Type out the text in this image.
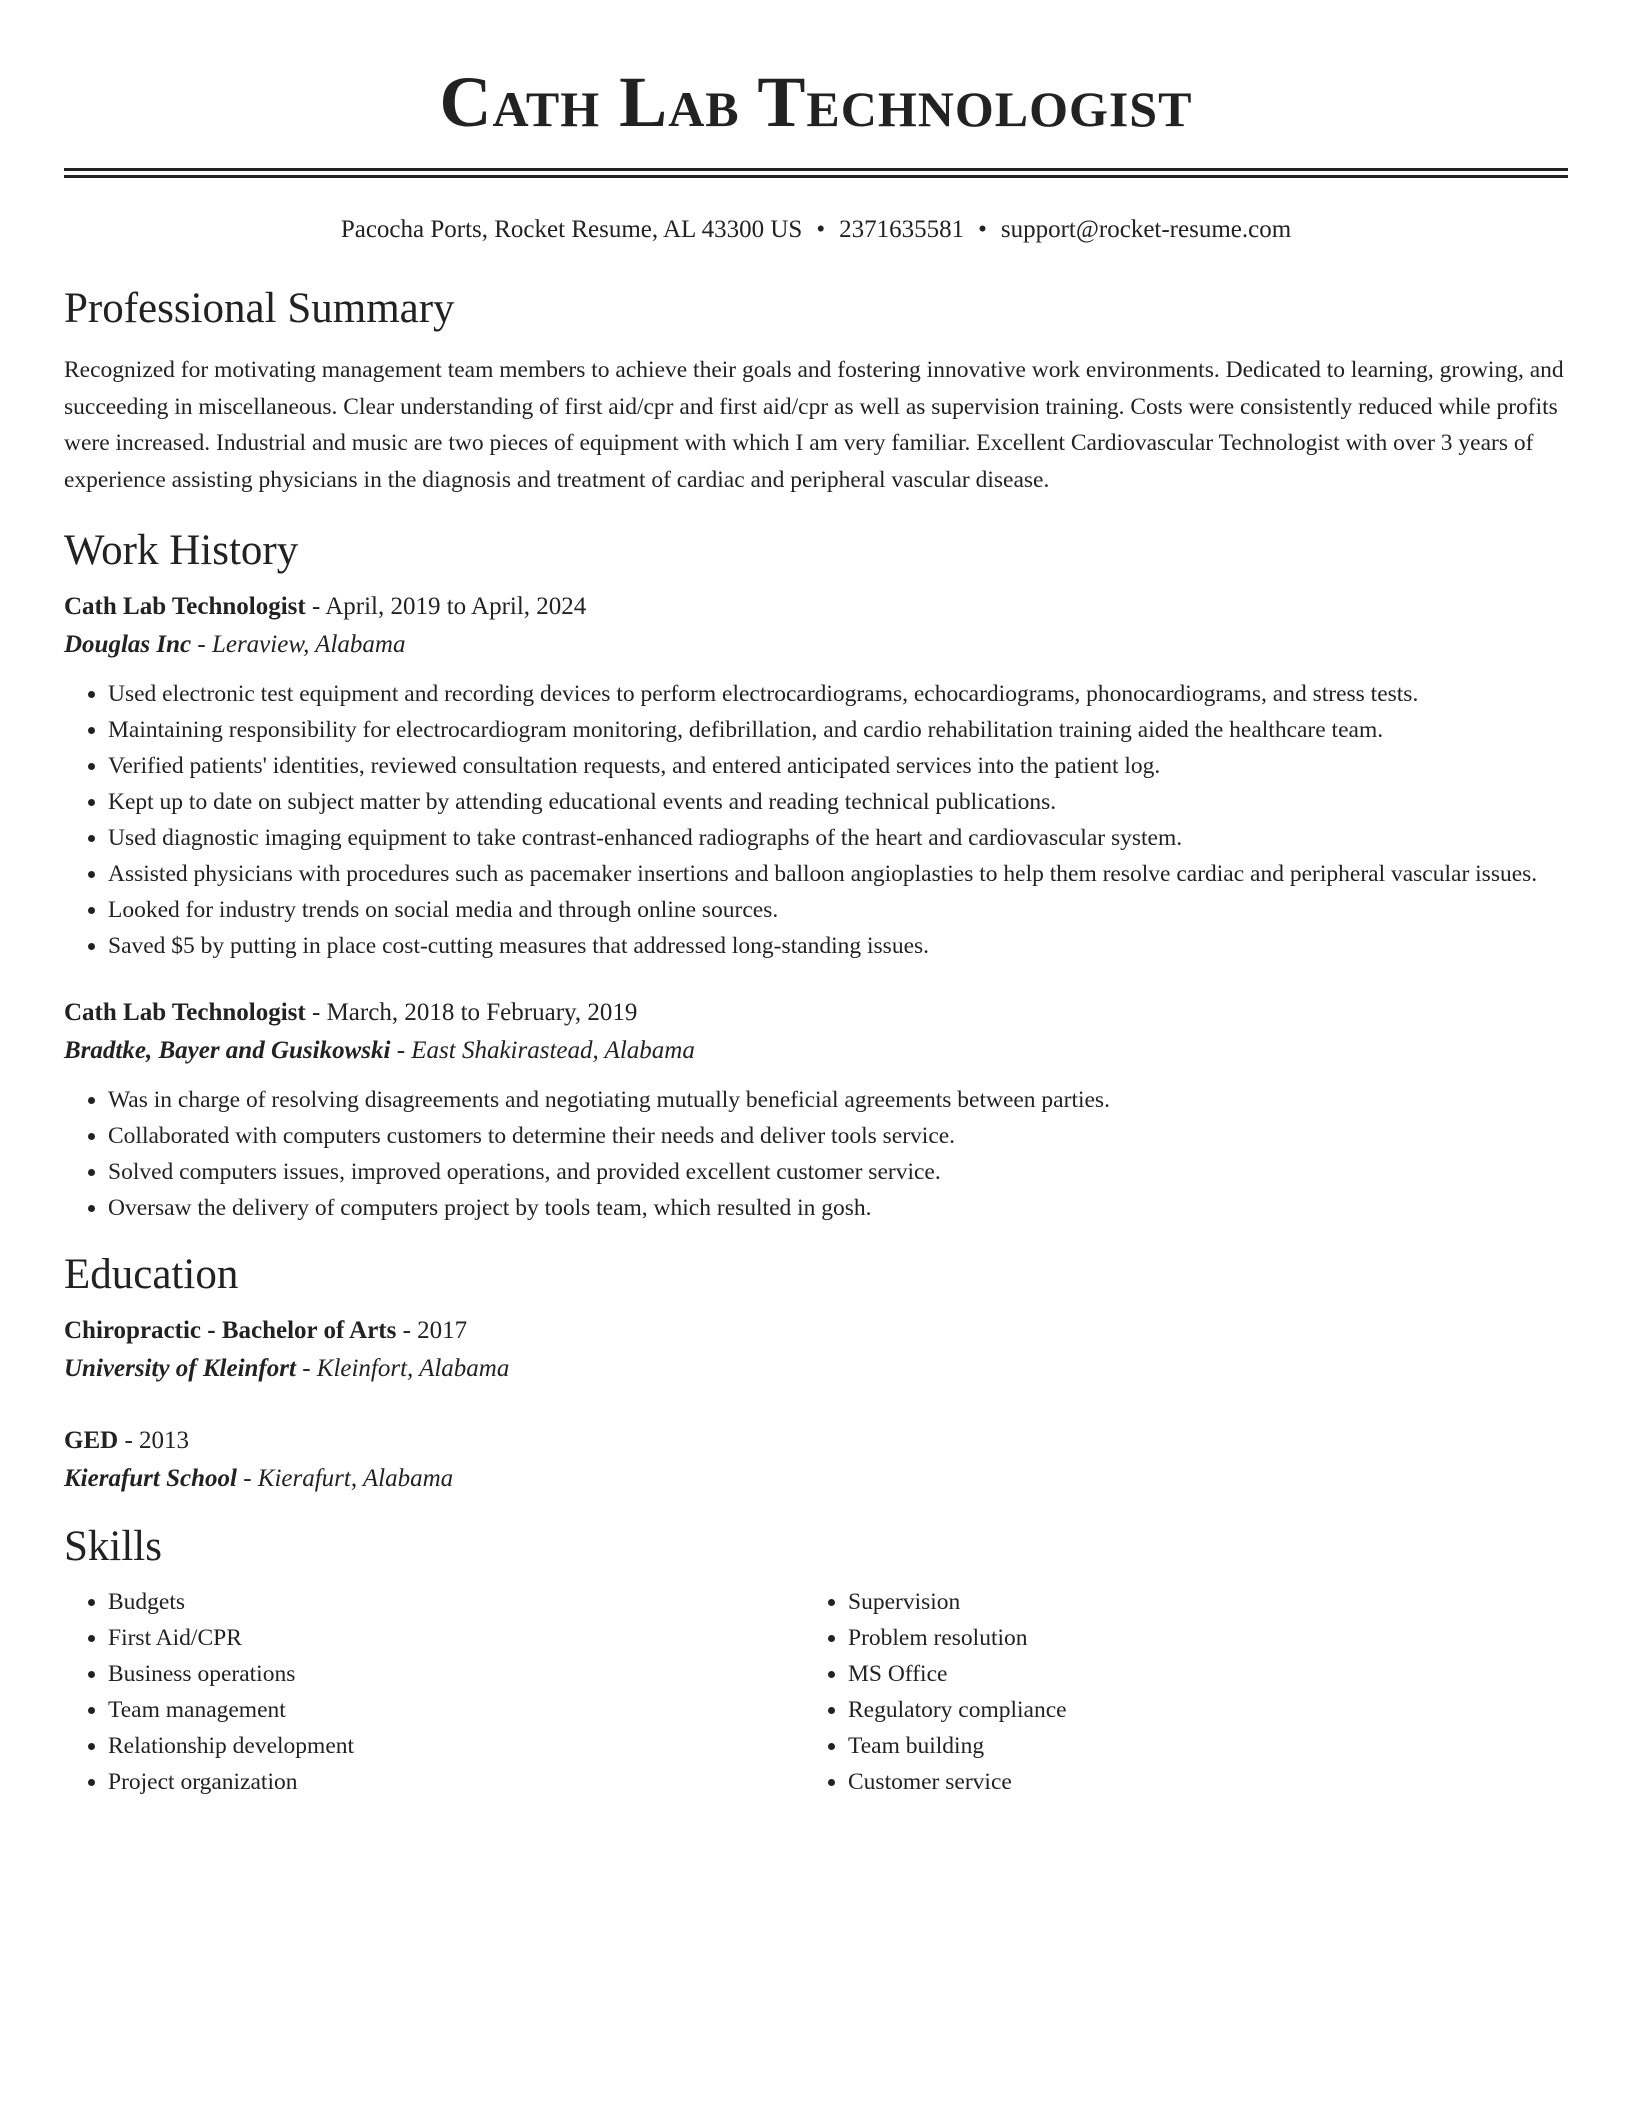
Cath Lab Technologist
Pacocha Ports, Rocket Resume, AL 43300 US • 2371635581 • support@rocket-resume.com
Professional Summary
Recognized for motivating management team members to achieve their goals and fostering innovative work environments. Dedicated to learning, growing, and succeeding in miscellaneous. Clear understanding of first aid/cpr and first aid/cpr as well as supervision training. Costs were consistently reduced while profits were increased. Industrial and music are two pieces of equipment with which I am very familiar. Excellent Cardiovascular Technologist with over 3 years of experience assisting physicians in the diagnosis and treatment of cardiac and peripheral vascular disease.
Work History
Cath Lab Technologist - April, 2019 to April, 2024
Douglas Inc - Leraview, Alabama
• Used electronic test equipment and recording devices to perform electrocardiograms, echocardiograms, phonocardiograms, and stress tests.
• Maintaining responsibility for electrocardiogram monitoring, defibrillation, and cardio rehabilitation training aided the healthcare team.
• Verified patients' identities, reviewed consultation requests, and entered anticipated services into the patient log.
• Kept up to date on subject matter by attending educational events and reading technical publications.
• Used diagnostic imaging equipment to take contrast-enhanced radiographs of the heart and cardiovascular system.
• Assisted physicians with procedures such as pacemaker insertions and balloon angioplasties to help them resolve cardiac and peripheral vascular issues.
• Looked for industry trends on social media and through online sources.
• Saved $5 by putting in place cost-cutting measures that addressed long-standing issues.
Cath Lab Technologist - March, 2018 to February, 2019
Bradtke, Bayer and Gusikowski - East Shakirastead, Alabama
• Was in charge of resolving disagreements and negotiating mutually beneficial agreements between parties.
• Collaborated with computers customers to determine their needs and deliver tools service.
• Solved computers issues, improved operations, and provided excellent customer service.
• Oversaw the delivery of computers project by tools team, which resulted in gosh.
Education
Chiropractic - Bachelor of Arts - 2017
University of Kleinfort - Kleinfort, Alabama
GED - 2013
Kierafurt School - Kierafurt, Alabama
Skills
• Budgets
• First Aid/CPR
• Business operations
• Team management
• Relationship development
• Project organization
• Supervision
• Problem resolution
• MS Office
• Regulatory compliance
• Team building
• Customer service
